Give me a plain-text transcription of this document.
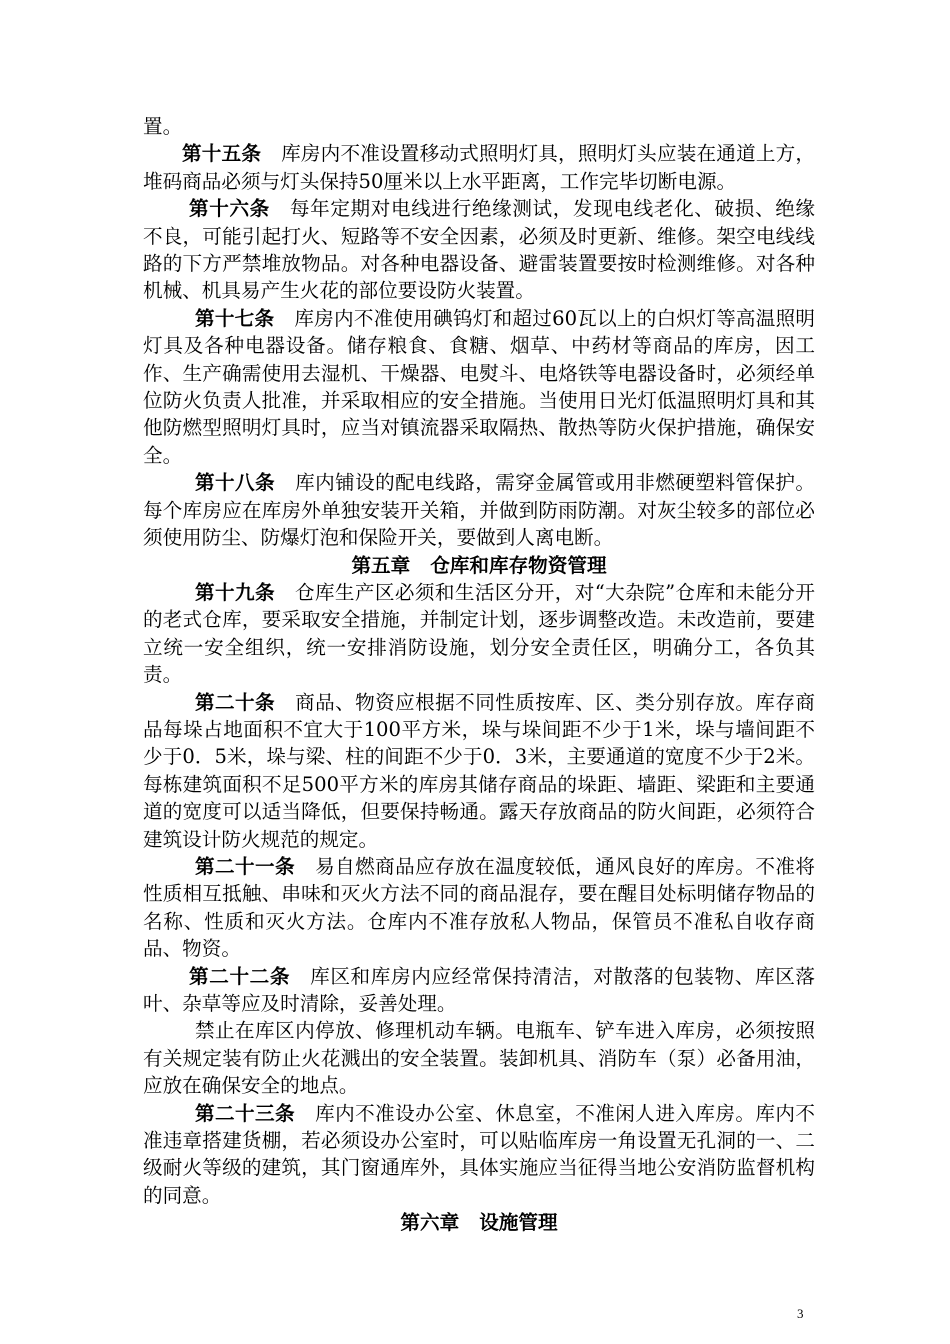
置。

第十五条 库房内不准设置移动式照明灯具，照明灯头应装在通道上方，堆码商品必须与灯头保持50厘米以上水平距离，工作完毕切断电源。

第十六条 每年定期对电线进行绝缘测试，发现电线老化、破损、绝缘不良，可能引起打火、短路等不安全因素，必须及时更新、维修。架空电线线路的下方严禁堆放物品。对各种电器设备、避雷装置要按时检测维修。对各种机械、机具易产生火花的部位要设防火装置。

第十七条 库房内不准使用碘钨灯和超过60瓦以上的白炽灯等高温照明灯具及各种电器设备。储存粮食、食糖、烟草、中药材等商品的库房，因工作、生产确需使用去湿机、干燥器、电熨斗、电烙铁等电器设备时，必须经单位防火负责人批准，并采取相应的安全措施。当使用日光灯低温照明灯具和其他防燃型照明灯具时，应当对镇流器采取隔热、散热等防火保护措施，确保安全。

第十八条 库内铺设的配电线路，需穿金属管或用非燃硬塑料管保护。每个库房应在库房外单独安装开关箱，并做到防雨防潮。对灰尘较多的部位必须使用防尘、防爆灯泡和保险开关，要做到人离电断。

第五章 仓库和库存物资管理

第十九条 仓库生产区必须和生活区分开，对“大杂院”仓库和未能分开的老式仓库，要采取安全措施，并制定计划，逐步调整改造。未改造前，要建立统一安全组织，统一安排消防设施，划分安全责任区，明确分工，各负其责。

第二十条 商品、物资应根据不同性质按库、区、类分别存放。库存商品每垛占地面积不宜大于100平方米，垛与垛间距不少于1米，垛与墙间距不少于0．5米，垛与梁、柱的间距不少于0．3米，主要通道的宽度不少于2米。每栋建筑面积不足500平方米的库房其储存商品的垛距、墙距、梁距和主要通道的宽度可以适当降低，但要保持畅通。露天存放商品的防火间距，必须符合建筑设计防火规范的规定。

第二十一条 易自燃商品应存放在温度较低，通风良好的库房。不准将性质相互抵触、串味和灭火方法不同的商品混存，要在醒目处标明储存物品的名称、性质和灭火方法。仓库内不准存放私人物品，保管员不准私自收存商品、物资。

第二十二条 库区和库房内应经常保持清洁，对散落的包装物、库区落叶、杂草等应及时清除，妥善处理。

禁止在库区内停放、修理机动车辆。电瓶车、铲车进入库房，必须按照有关规定装有防止火花溅出的安全装置。装卸机具、消防车（泵）必备用油，应放在确保安全的地点。

第二十三条 库内不准设办公室、休息室，不准闲人进入库房。库内不准违章搭建货棚，若必须设办公室时，可以贴临库房一角设置无孔洞的一、二级耐火等级的建筑，其门窗通库外，具体实施应当征得当地公安消防监督机构的同意。

第六章 设施管理

3
